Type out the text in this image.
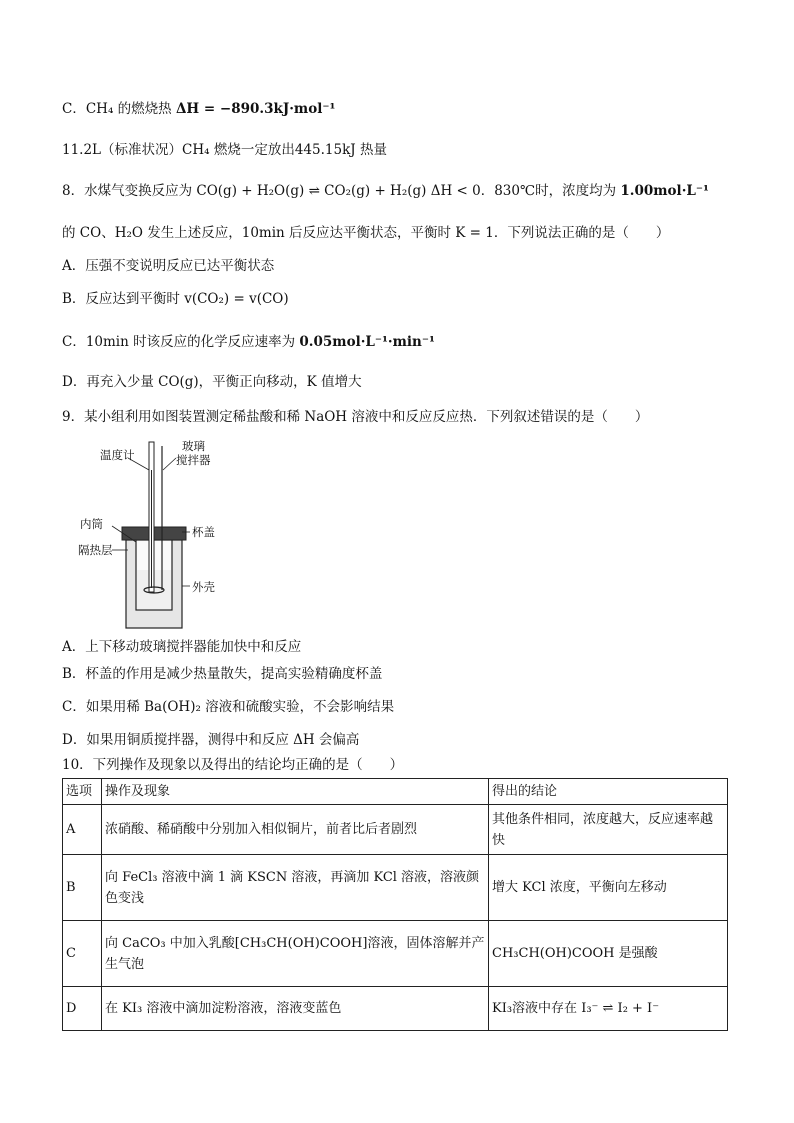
C．CH₄ 的燃烧热 ΔH = −890.3kJ·mol⁻¹
11.2L（标准状况）CH₄ 燃烧一定放出445.15kJ 热量
8．水煤气变换反应为 CO(g) + H₂O(g) ⇌ CO₂(g) + H₂(g) ΔH < 0．830℃时，浓度均为 1.00mol·L⁻¹
的 CO、H₂O 发生上述反应，10min 后反应达平衡状态，平衡时 K = 1．下列说法正确的是（　　）
A．压强不变说明反应已达平衡状态
B．反应达到平衡时 v(CO₂) = v(CO)
C．10min 时该反应的化学反应速率为 0.05mol·L⁻¹·min⁻¹
D．再充入少量 CO(g)，平衡正向移动，K 值增大
9．某小组利用如图装置测定稀盐酸和稀 NaOH 溶液中和反应反应热．下列叙述错误的是（　　）
温度计
玻璃
搅拌器
内筒
杯盖
隔热层
外壳
A．上下移动玻璃搅拌器能加快中和反应
B．杯盖的作用是减少热量散失，提高实验精确度杯盖
C．如果用稀 Ba(OH)₂ 溶液和硫酸实验，不会影响结果
D．如果用铜质搅拌器，测得中和反应 ΔH 会偏高
10．下列操作及现象以及得出的结论均正确的是（　　）
选项	操作及现象	得出的结论
A	浓硝酸、稀硝酸中分别加入相似铜片，前者比后者剧烈	其他条件相同，浓度越大，反应速率越快
B	向 FeCl₃ 溶液中滴 1 滴 KSCN 溶液，再滴加 KCl 溶液，溶液颜色变浅	增大 KCl 浓度，平衡向左移动
C	向 CaCO₃ 中加入乳酸[CH₃CH(OH)COOH]溶液，固体溶解并产生气泡	CH₃CH(OH)COOH 是强酸
D	在 KI₃ 溶液中滴加淀粉溶液，溶液变蓝色	KI₃溶液中存在 I₃⁻ ⇌ I₂ + I⁻
